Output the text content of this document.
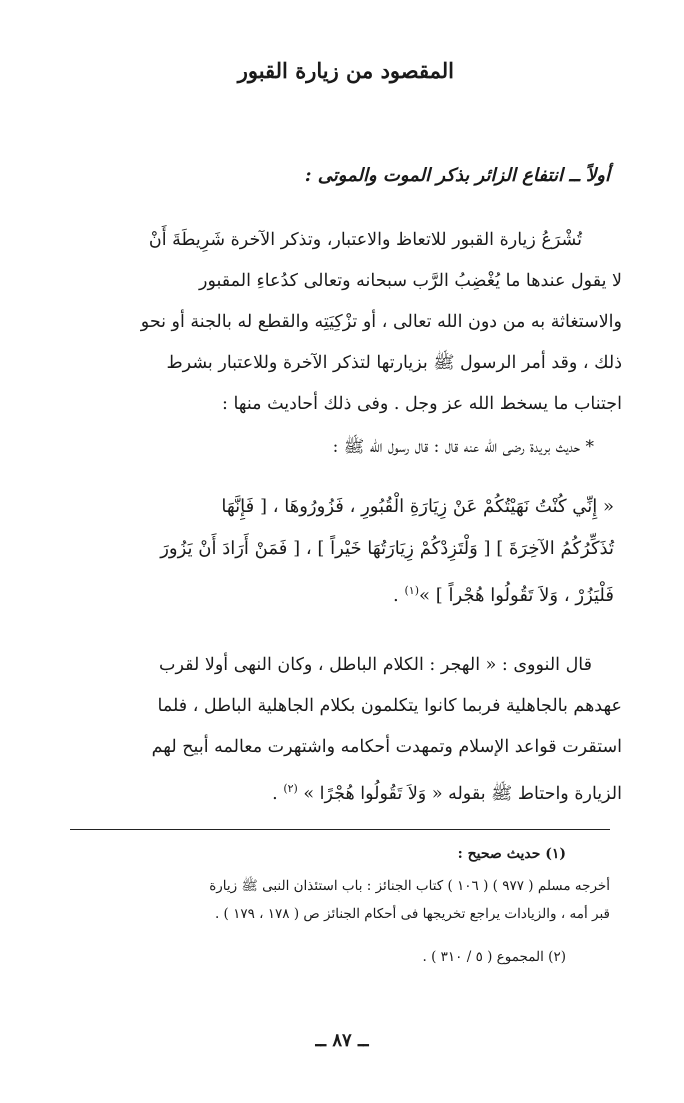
المقصود من زيارة القبور
أولاً ــ انتفاع الزائر بذكر الموت والموتى :
تُشْرَعُ زيارة القبور للاتعاظ والاعتبار، وتذكر الآخرة شَرِيطَةَ أَنْ
لا يقول عندها ما يُغْضِبُ الرَّب سبحانه وتعالى كدُعاءِ المقبور
والاستغاثة به من دون الله تعالى ، أو تزْكِيَتِه والقطع له بالجنة أو نحو
ذلك ، وقد أمر الرسول ﷺ بزيارتها لتذكر الآخرة وللاعتبار بشرط
اجتناب ما يسخط الله عز وجل . وفى ذلك أحاديث منها :
* حديث بريدة رضى الله عنه قال : قال رسول الله ﷺ :
« إِنِّي كُنْتُ نَهَيْتُكُمْ عَنْ زِيَارَةِ الْقُبُورِ ، فَزُورُوهَا ، [ فَإِنَّهَا
تُذَكِّرُكُمُ الآخِرَةَ ] [ وَلْتَزِدْكُمْ زِيَارَتُهَا خَيْراً ] ، [ فَمَنْ أَرَادَ أَنْ يَزُورَ
فَلْيَزُرْ ، وَلاَ تَقُولُوا هُجْراً ] »$^{(١)}$ .
قال النووى : « الهجر : الكلام الباطل ، وكان النهى أولا لقرب
عهدهم بالجاهلية فربما كانوا يتكلمون بكلام الجاهلية الباطل ، فلما
استقرت قواعد الإسلام وتمهدت أحكامه واشتهرت معالمه أبيح لهم
الزيارة واحتاط ﷺ بقوله « وَلاَ تَقُولُوا هُجْرًا » $^{(٢)}$ .
(١) حديث صحيح :
أخرجه مسلم ( ٩٧٧ ) ( ١٠٦ ) كتاب الجنائز : باب استئذان النبى ﷺ زيارة
قبر أمه ، والزيادات يراجع تخريجها فى أحكام الجنائز ص ( ١٧٨ ، ١٧٩ ) .
(٢) المجموع ( ٥ / ٣١٠ ) .
ــ ٨٧ ــ
